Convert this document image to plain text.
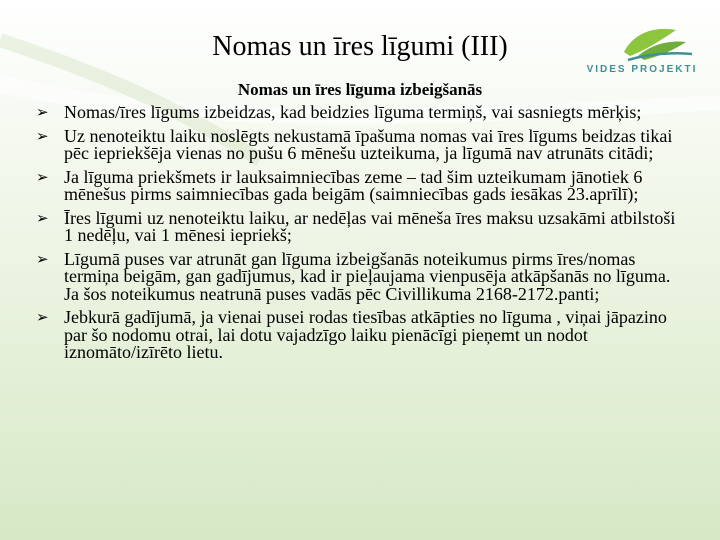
Nomas un īres līgumi (III)
VIDES PROJEKTI
Nomas un īres līguma izbeigšanās
➢ Nomas/īres līgums izbeidzas, kad beidzies līguma termiņš, vai sasniegts mērķis;
➢ Uz nenoteiktu laiku noslēgts nekustamā īpašuma nomas vai īres līgums beidzas tikai pēc iepriekšēja vienas no pušu 6 mēnešu uzteikuma, ja līgumā nav atrunāts citādi;
➢ Ja līguma priekšmets ir lauksaimniecības zeme – tad šim uzteikumam jānotiek 6 mēnešus pirms saimniecības gada beigām (saimniecības gads iesākas 23.aprīlī);
➢ Īres līgumi uz nenoteiktu laiku, ar nedēļas vai mēneša īres maksu uzsakāmi atbilstoši 1 nedēļu, vai 1 mēnesi iepriekš;
➢ Līgumā puses var atrunāt gan līguma izbeigšanās noteikumus pirms īres/nomas termiņa beigām, gan gadījumus, kad ir pieļaujama vienpusēja atkāpšanās no līguma. Ja šos noteikumus neatrunā puses vadās pēc Civillikuma 2168-2172.panti;
➢ Jebkurā gadījumā, ja vienai pusei rodas tiesības atkāpties no līguma , viņai jāpazino par šo nodomu otrai, lai dotu vajadzīgo laiku pienācīgi pieņemt un nodot iznomāto/izīrēto lietu.
